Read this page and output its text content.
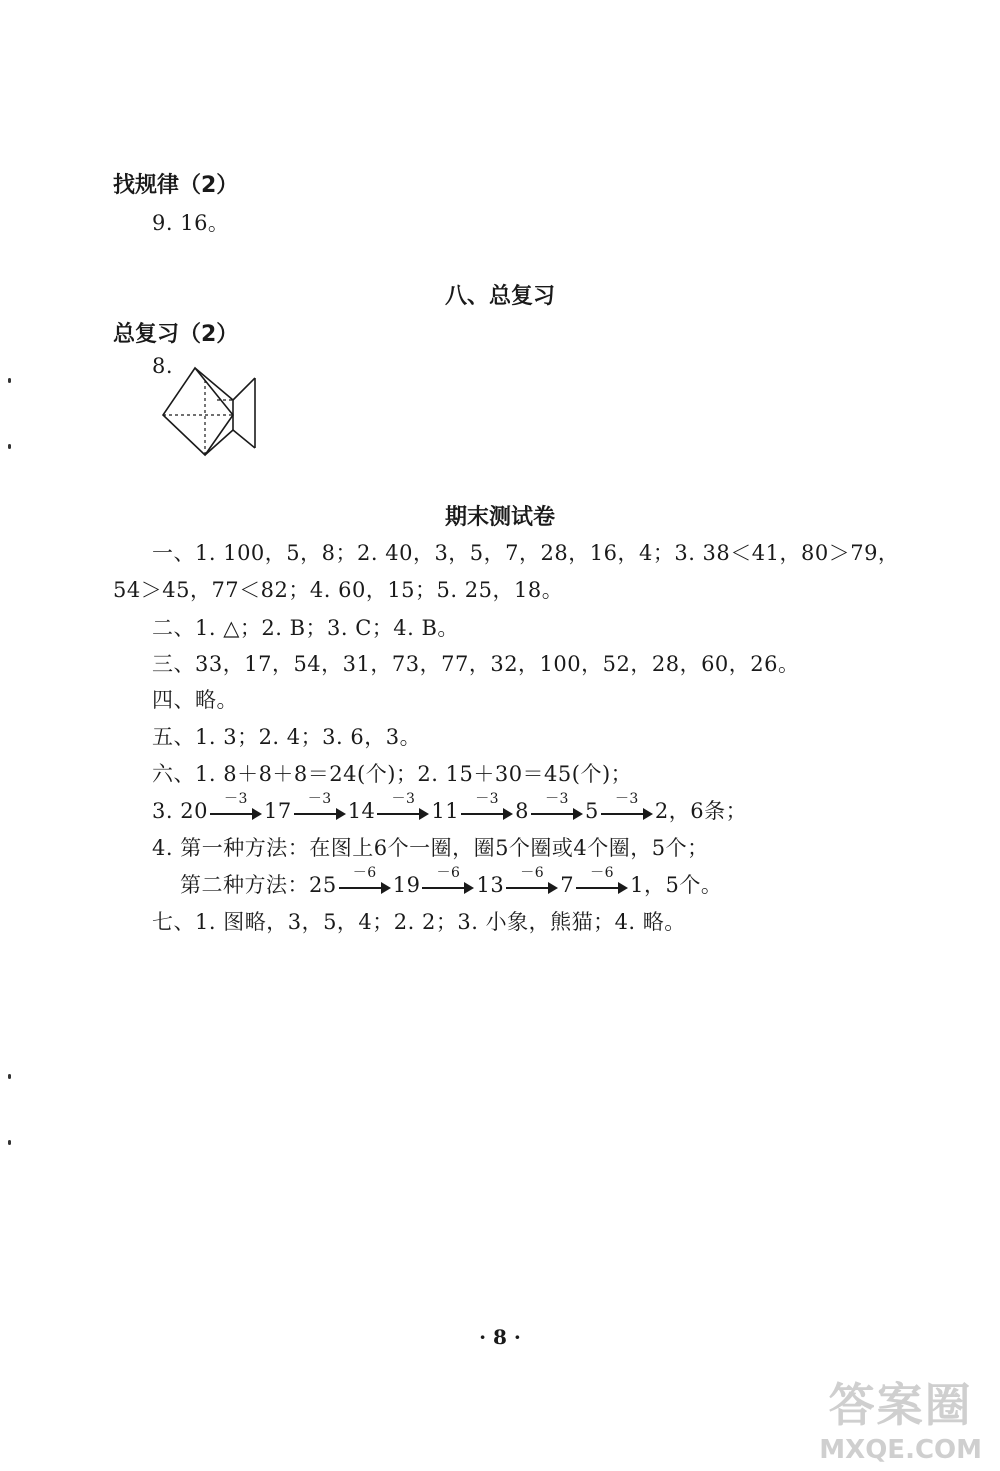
找规律（2）
9. 16。
八、总复习
总复习（2）
8.
期末测试卷
一、1. 100，5，8；2. 40，3，5，7，28，16，4；3. 38＜41，80＞79，
54＞45，77＜82；4. 60，15；5. 25，18。
二、1. △；2. B；3. C；4. B。
三、33，17，54，31，73，77，32，100，52，28，60，26。
四、略。
五、1. 3；2. 4；3. 6，3。
六、1. 8＋8＋8＝24(个)；2. 15＋30＝45(个)；
3. 20
－3
17
－3
14
－3
11
－3
8
－3
5
－3
2，6条；
4. 第一种方法：在图上6个一圈，圈5个圈或4个圈，5个；
第二种方法：25
－6
19
－6
13
－6
7
－6
1，5个。
七、1. 图略，3，5，4；2. 2；3. 小象，熊猫；4. 略。
· 8 ·
答案圈
MXQE.COM
